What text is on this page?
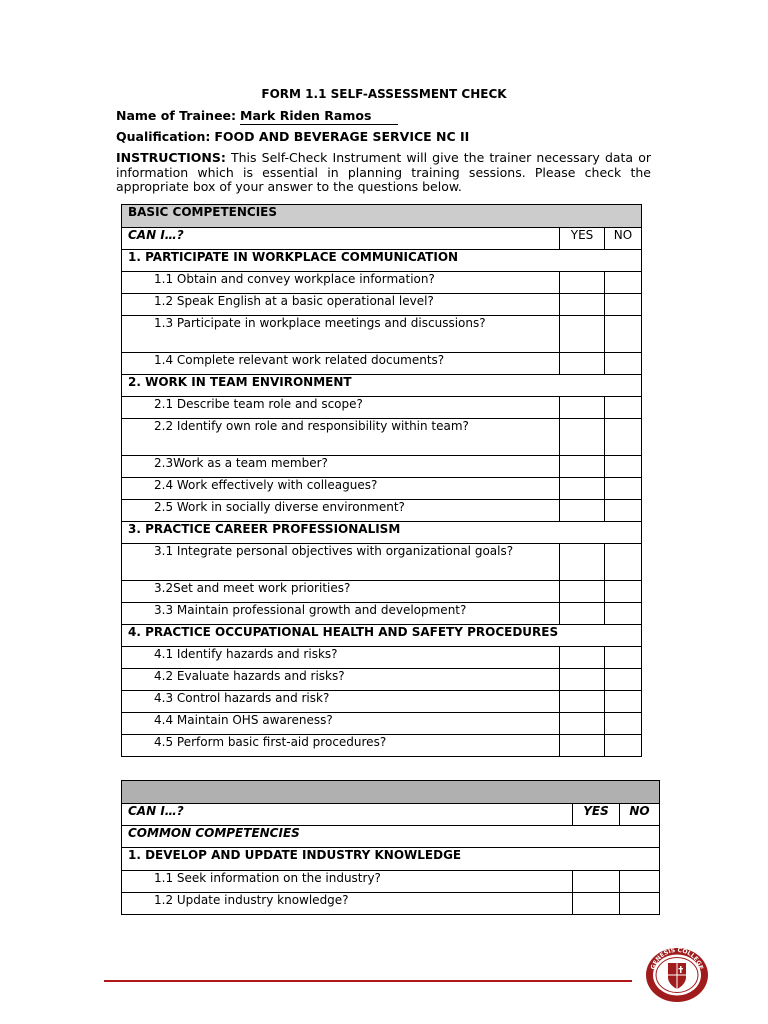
FORM 1.1 SELF-ASSESSMENT CHECK
Name of Trainee: Mark Riden Ramos
Qualification: FOOD AND BEVERAGE SERVICE NC II
INSTRUCTIONS: This Self-Check Instrument will give the trainer necessary data or information which is essential in planning training sessions. Please check the appropriate box of your answer to the questions below.
BASIC COMPETENCIES		
CAN I…?	YES	NO
1. PARTICIPATE IN WORKPLACE COMMUNICATION		
1.1 Obtain and convey workplace information?		
1.2 Speak English at a basic operational level?		
1.3 Participate in workplace meetings and discussions?		
1.4 Complete relevant work related documents?		
2. WORK IN TEAM ENVIRONMENT		
2.1 Describe team role and scope?		
2.2 Identify own role and responsibility within team?		
2.3Work as a team member?		
2.4 Work effectively with colleagues?		
2.5 Work in socially diverse environment?		
3. PRACTICE CAREER PROFESSIONALISM		
3.1 Integrate personal objectives with organizational goals?		
3.2Set and meet work priorities?		
3.3 Maintain professional growth and development?		
4. PRACTICE OCCUPATIONAL HEALTH AND SAFETY PROCEDURES		
4.1 Identify hazards and risks?		
4.2 Evaluate hazards and risks?		
4.3 Control hazards and risk?		
4.4 Maintain OHS awareness?		
4.5 Perform basic first-aid procedures?		

CAN I…?	YES	NO
COMMON COMPETENCIES		
1. DEVELOP AND UPDATE INDUSTRY KNOWLEDGE		
1.1 Seek information on the industry?		
1.2 Update industry knowledge?		
GENESIS COLLEGE
